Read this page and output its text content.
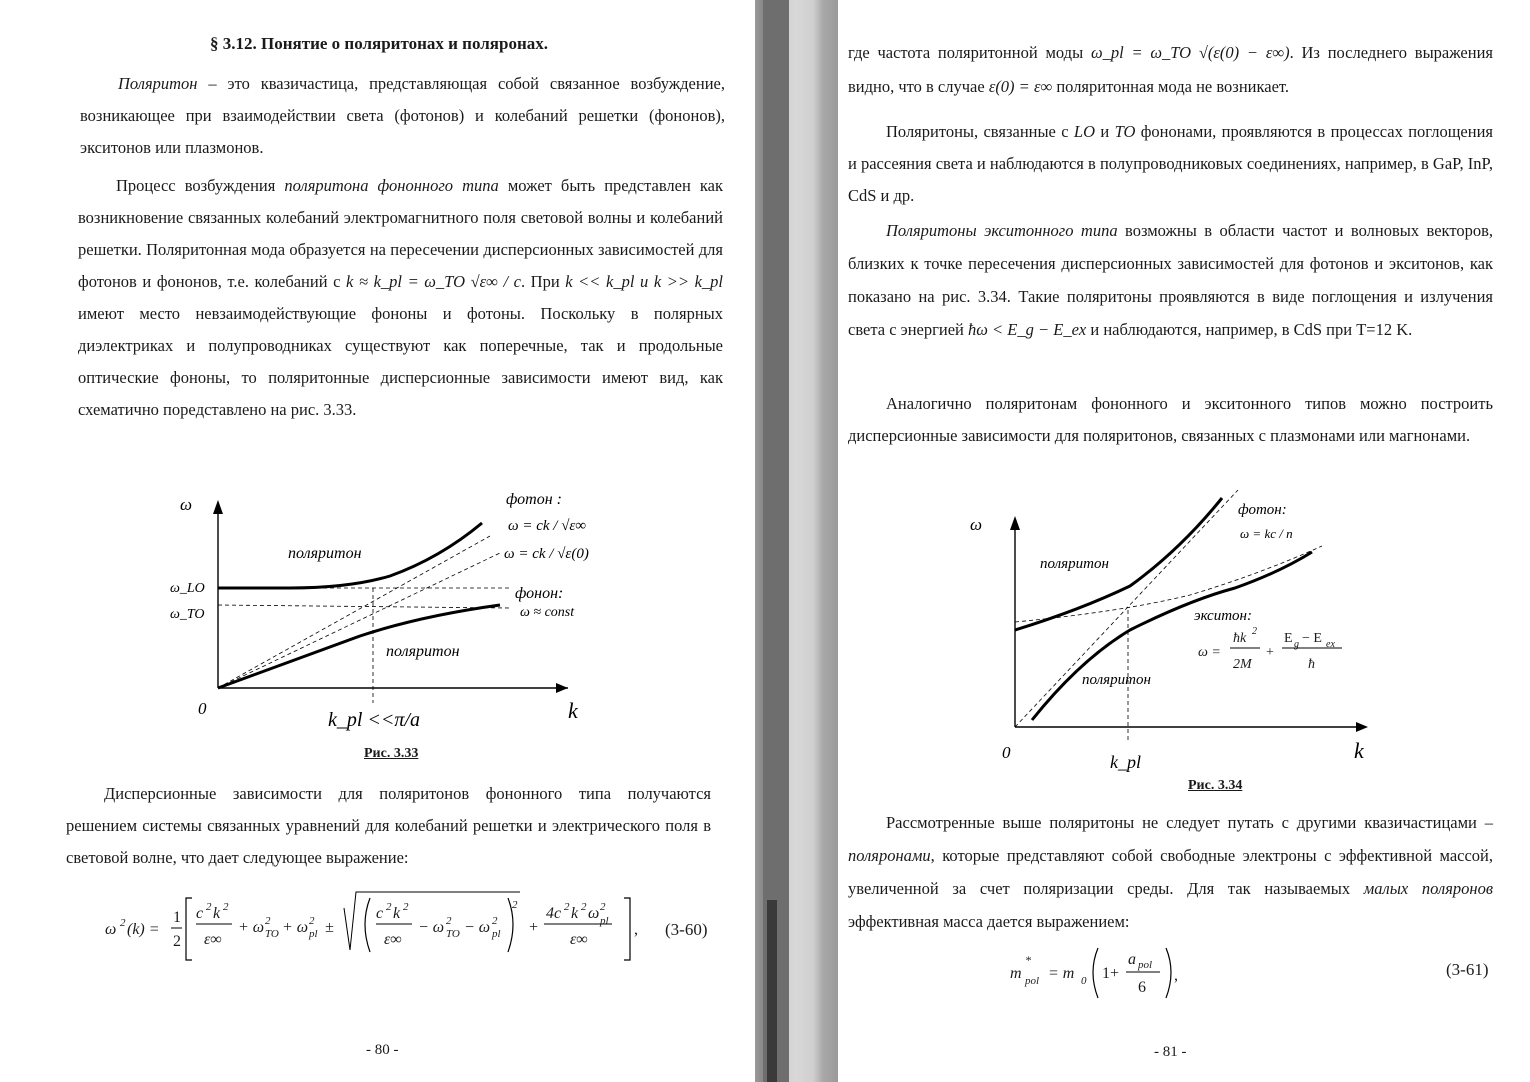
§ 3.12. Понятие о поляритонах и поляронах.

Поляритон – это квазичастица, представляющая собой связанное возбуждение, возникающее при взаимодействии света (фотонов) и колебаний решетки (фононов), экситонов или плазмонов.

Процесс возбуждения поляритона фононного типа может быть представлен как возникновение связанных колебаний электромагнитного поля световой волны и колебаний решетки. Поляритонная мода образуется на пересечении дисперсионных зависимостей для фотонов и фононов, т.е. колебаний с k ≈ k_pl = ω_TO √ε∞ / c. При k << k_pl и k >> k_pl имеют место невзаимодействующие фононы и фотоны. Поскольку в полярных диэлектриках и полупроводниках существуют как поперечные, так и продольные оптические фононы, то поляритонные дисперсионные зависимости имеют вид, как схематично порeдставлено на рис. 3.33.

ω
ω_LO
ω_TO
0	k
k_pl <<π/a
фотон :
ω = ck / √ε∞
ω = ck / √ε(0)
фонон:
ω ≈ const
поляритон
поляритон
Рис. 3.33

Дисперсионные зависимости для поляритонов фононного типа получаются решением системы связанных уравнений для колебаний решетки и электрического поля в световой волне, что дает следующее выражение:

ω 2 (k) =
1
2
c 2 k 2
ε∞
+ ω TO
2 + ω pl
2 ±
c 2 k 2
ε∞
− ω TO
2 − ω pl
2
2
+
4c 2 k 2 ω pl
2
ε∞
, (3-60)
- 80 -

где частота поляритонной моды ω_pl = ω_TO √(ε(0) − ε∞). Из последнего выражения видно, что в случае ε(0) = ε∞ поляритонная мода не возникает.

Поляритоны, связанные с LO и TO фононами, проявляются в процессах поглощения и рассеяния света и наблюдаются в полупроводниковых соединениях, например, в GaP, InP, CdS и др.

Поляритоны экситонного типа возможны в области частот и волновых векторов, близких к точке пересечения дисперсионных зависимостей для фотонов и экситонов, как показано на рис. 3.34. Такие поляритоны проявляются в виде поглощения и излучения света с энергией ħω < E_g − E_ex и наблюдаются, например, в CdS при T=12 K.

Аналогично поляритонам фононного и экситонного типов можно построить дисперсионные зависимости для поляритонов, связанных с плазмонами или магнонами.

ω
0	k
k_pl
фотон:
ω = kc / n
экситон:
поляритон
поляритон
ω =
ħk 2
2M
+
E g − E ex
ħ
Рис. 3.34

Рассмотренные выше поляритоны не следует путать с другими квазичастицами – поляронами, которые представляют собой свободные электроны с эффективной массой, увеличенной за счет поляризации среды. Для так называемых малых поляронов эффективная масса дается выражением:

m
*
pol = m 0 1+
a pol
6
,	(3-61)
- 81 -
